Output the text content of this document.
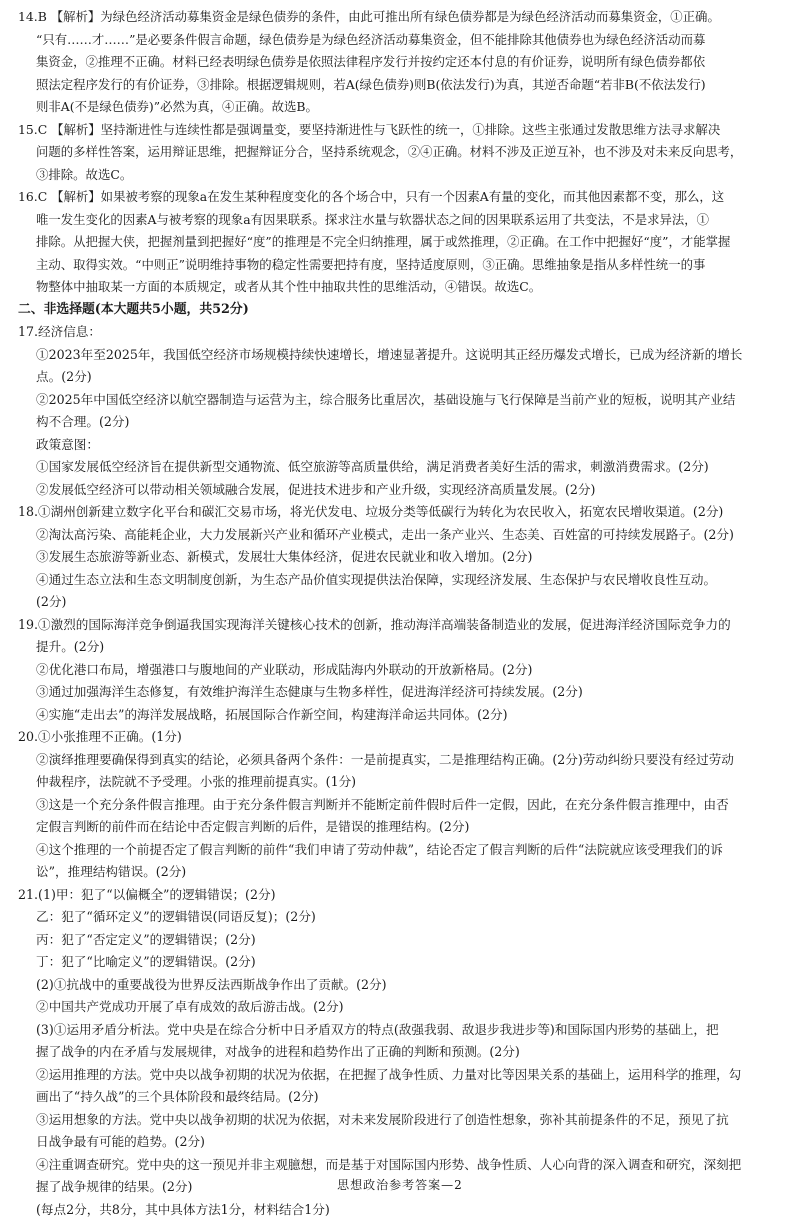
14.B 【解析】为绿色经济活动募集资金是绿色债券的条件，由此可推出所有绿色债券都是为绿色经济活动而募集资金，①正确。
“只有……才……”是必要条件假言命题，绿色债券是为绿色经济活动募集资金，但不能排除其他债券也为绿色经济活动而募
集资金，②推理不正确。材料已经表明绿色债券是依照法律程序发行并按约定还本付息的有价证券，说明所有绿色债券都依
照法定程序发行的有价证券，③排除。根据逻辑规则，若A(绿色债券)则B(依法发行)为真，其逆否命题“若非B(不依法发行)
则非A(不是绿色债券)”必然为真，④正确。故选B。
15.C 【解析】坚持渐进性与连续性都是强调量变，要坚持渐进性与飞跃性的统一，①排除。这些主张通过发散思维方法寻求解决
问题的多样性答案，运用辩证思维，把握辩证分合，坚持系统观念，②④正确。材料不涉及正逆互补，也不涉及对未来反向思考，
③排除。故选C。
16.C 【解析】如果被考察的现象a在发生某种程度变化的各个场合中，只有一个因素A有量的变化，而其他因素都不变，那么，这
唯一发生变化的因素A与被考察的现象a有因果联系。探求注水量与软器状态之间的因果联系运用了共变法，不是求异法，①
排除。从把握大侠，把握剂量到把握好“度”的推理是不完全归纳推理，属于或然推理，②正确。在工作中把握好“度”，才能掌握
主动、取得实效。“中则正”说明维持事物的稳定性需要把持有度，坚持适度原则，③正确。思维抽象是指从多样性统一的事
物整体中抽取某一方面的本质规定，或者从其个性中抽取共性的思维活动，④错误。故选C。
二、非选择题(本大题共5小题，共52分)
17.经济信息：
①2023年至2025年，我国低空经济市场规模持续快速增长，增速显著提升。这说明其正经历爆发式增长，已成为经济新的增长
点。(2分)
②2025年中国低空经济以航空器制造与运营为主，综合服务比重居次，基础设施与飞行保障是当前产业的短板，说明其产业结
构不合理。(2分)
政策意图：
①国家发展低空经济旨在提供新型交通物流、低空旅游等高质量供给，满足消费者美好生活的需求，刺激消费需求。(2分)
②发展低空经济可以带动相关领域融合发展，促进技术进步和产业升级，实现经济高质量发展。(2分)
18.①湖州创新建立数字化平台和碳汇交易市场，将光伏发电、垃圾分类等低碳行为转化为农民收入，拓宽农民增收渠道。(2分)
②淘汰高污染、高能耗企业，大力发展新兴产业和循环产业模式，走出一条产业兴、生态美、百姓富的可持续发展路子。(2分)
③发展生态旅游等新业态、新模式，发展壮大集体经济，促进农民就业和收入增加。(2分)
④通过生态立法和生态文明制度创新，为生态产品价值实现提供法治保障，实现经济发展、生态保护与农民增收良性互动。
(2分)
19.①激烈的国际海洋竞争倒逼我国实现海洋关键核心技术的创新，推动海洋高端装备制造业的发展，促进海洋经济国际竞争力的
提升。(2分)
②优化港口布局，增强港口与腹地间的产业联动，形成陆海内外联动的开放新格局。(2分)
③通过加强海洋生态修复，有效维护海洋生态健康与生物多样性，促进海洋经济可持续发展。(2分)
④实施“走出去”的海洋发展战略，拓展国际合作新空间，构建海洋命运共同体。(2分)
20.①小张推理不正确。(1分)
②演绎推理要确保得到真实的结论，必须具备两个条件：一是前提真实，二是推理结构正确。(2分)劳动纠纷只要没有经过劳动
仲裁程序，法院就不予受理。小张的推理前提真实。(1分)
③这是一个充分条件假言推理。由于充分条件假言判断并不能断定前件假时后件一定假，因此，在充分条件假言推理中，由否
定假言判断的前件而在结论中否定假言判断的后件，是错误的推理结构。(2分)
④这个推理的一个前提否定了假言判断的前件“我们申请了劳动仲裁”，结论否定了假言判断的后件“法院就应该受理我们的诉
讼”，推理结构错误。(2分)
21.(1)甲：犯了“以偏概全”的逻辑错误；(2分)
乙：犯了“循环定义”的逻辑错误(同语反复)；(2分)
丙：犯了“否定定义”的逻辑错误；(2分)
丁：犯了“比喻定义”的逻辑错误。(2分)
(2)①抗战中的重要战役为世界反法西斯战争作出了贡献。(2分)
②中国共产党成功开展了卓有成效的敌后游击战。(2分)
(3)①运用矛盾分析法。党中央是在综合分析中日矛盾双方的特点(敌强我弱、敌退步我进步等)和国际国内形势的基础上，把
握了战争的内在矛盾与发展规律，对战争的进程和趋势作出了正确的判断和预测。(2分)
②运用推理的方法。党中央以战争初期的状况为依据，在把握了战争性质、力量对比等因果关系的基础上，运用科学的推理，勾
画出了“持久战”的三个具体阶段和最终结局。(2分)
③运用想象的方法。党中央以战争初期的状况为依据，对未来发展阶段进行了创造性想象，弥补其前提条件的不足，预见了抗
日战争最有可能的趋势。(2分)
④注重调查研究。党中央的这一预见并非主观臆想，而是基于对国际国内形势、战争性质、人心向背的深入调查和研究，深刻把
握了战争规律的结果。(2分)
(每点2分，共8分，其中具体方法1分，材料结合1分)
思想政治参考答案—2
